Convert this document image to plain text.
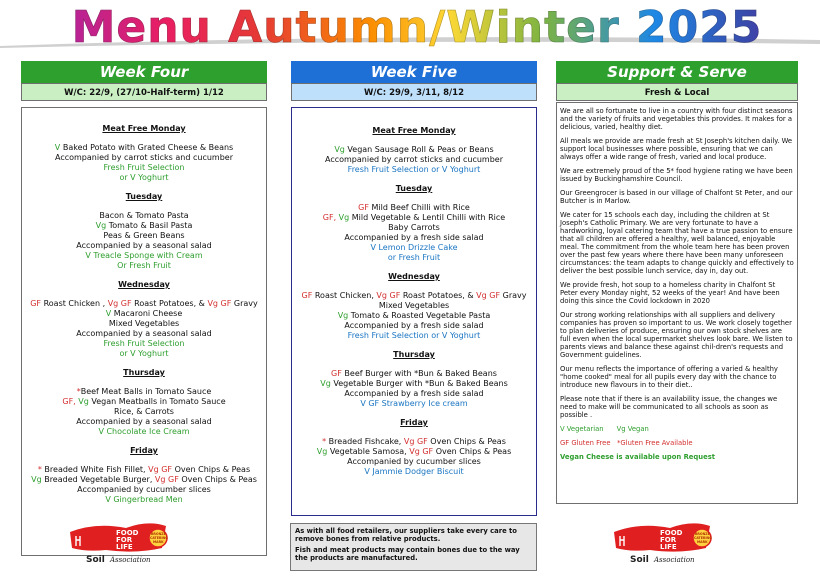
Menu Autumn/Winter 2025
Week Four
W/C: 22/9, (27/10-Half-term) 1/12
Meat Free Monday
V Baked Potato with Grated Cheese & Beans
Accompanied by carrot sticks and cucumber
Fresh Fruit Selection
or V Yoghurt
Tuesday
Bacon & Tomato Pasta
Vg Tomato & Basil Pasta
Peas & Green Beans
Accompanied by a seasonal salad
V Treacle Sponge with Cream
Or Fresh Fruit
Wednesday
GF Roast Chicken , Vg GF Roast Potatoes, & Vg GF Gravy
V Macaroni Cheese
Mixed Vegetables
Accompanied by a seasonal salad
Fresh Fruit Selection
or V Yoghurt
Thursday
*Beef Meat Balls in Tomato Sauce
GF, Vg Vegan Meatballs in Tomato Sauce
Rice, & Carrots
Accompanied by a seasonal salad
V Chocolate Ice Cream
Friday
* Breaded White Fish Fillet, Vg GF Oven Chips & Peas
Vg Breaded Vegetable Burger, Vg GF Oven Chips & Peas
Accompanied by cucumber slices
V Gingerbread Men
Week Five
W/C: 29/9, 3/11, 8/12
Meat Free Monday
Vg Vegan Sausage Roll & Peas or Beans
Accompanied by carrot sticks and cucumber
Fresh Fruit Selection or V Yoghurt
Tuesday
GF Mild Beef Chilli with Rice
GF, Vg Mild Vegetable & Lentil Chilli with Rice
Baby Carrots
Accompanied by a fresh side salad
V Lemon Drizzle Cake
or Fresh Fruit
Wednesday
GF Roast Chicken, Vg GF Roast Potatoes, & Vg GF Gravy
Mixed Vegetables
Vg Tomato & Roasted Vegetable Pasta
Accompanied by a fresh side salad
Fresh Fruit Selection or V Yoghurt
Thursday
GF Beef Burger with *Bun & Baked Beans
Vg Vegetable Burger with *Bun & Baked Beans
Accompanied by a fresh side salad
V GF Strawberry Ice cream
Friday
* Breaded Fishcake, Vg GF Oven Chips & Peas
Vg Vegetable Samosa, Vg GF Oven Chips & Peas
Accompanied by cucumber slices
V Jammie Dodger Biscuit
Support & Serve
Fresh & Local

We are all so fortunate to live in a country with four distinct seasons and the variety of fruits and vegetables this provides. It makes for a delicious, varied, healthy diet.

All meals we provide are made fresh at St Joseph's kitchen daily. We support local businesses where possible, ensuring that we can always offer a wide range of fresh, varied and local produce.

We are extremely proud of the 5* food hygiene rating we have been issued by Buckinghamshire Council.

Our Greengrocer is based in our village of Chalfont St Peter, and our Butcher is in Marlow.

We cater for 15 schools each day, including the children at St Joseph's Catholic Primary. We are very fortunate to have a hardworking, loyal catering team that have a true passion to ensure that all children are offered a healthy, well balanced, enjoyable meal. The commitment from the whole team here has been proven over the past few years where there have been many unforeseen circumstances: the team adapts to change quickly and effectively to deliver the best possible lunch service, day in, day out.

We provide fresh, hot soup to a homeless charity in Chalfont St Peter every Monday night, 52 weeks of the year! And have been doing this since the Covid lockdown in 2020

Our strong working relationships with all suppliers and delivery companies has proven so important to us. We work closely together to plan deliveries of produce, ensuring our own stock shelves are full even when the local supermarket shelves look bare. We listen to parents views and balance these against chil-dren's requests and Government guidelines.

Our menu reflects the importance of offering a varied & healthy "home cooked" meal for all pupils every day with the chance to introduce new flavours in to their diet..

Please note that if there is an availability issue, the changes we need to make will be communicated to all schools as soon as possible .

V Vegetarian Vg Vegan
GF Gluten Free *Gluten Free Available
Vegan Cheese is available upon Request

As with all food retailers, our suppliers take every care to remove bones from relative products.

Fish and meat products may contain bones due to the way the products are manufactured.

FOOD
FOR
LIFE
BRONZE
CATERING
MARK
Soil Association
FOOD
FOR
LIFE
BRONZE
CATERING
MARK
Soil Association
